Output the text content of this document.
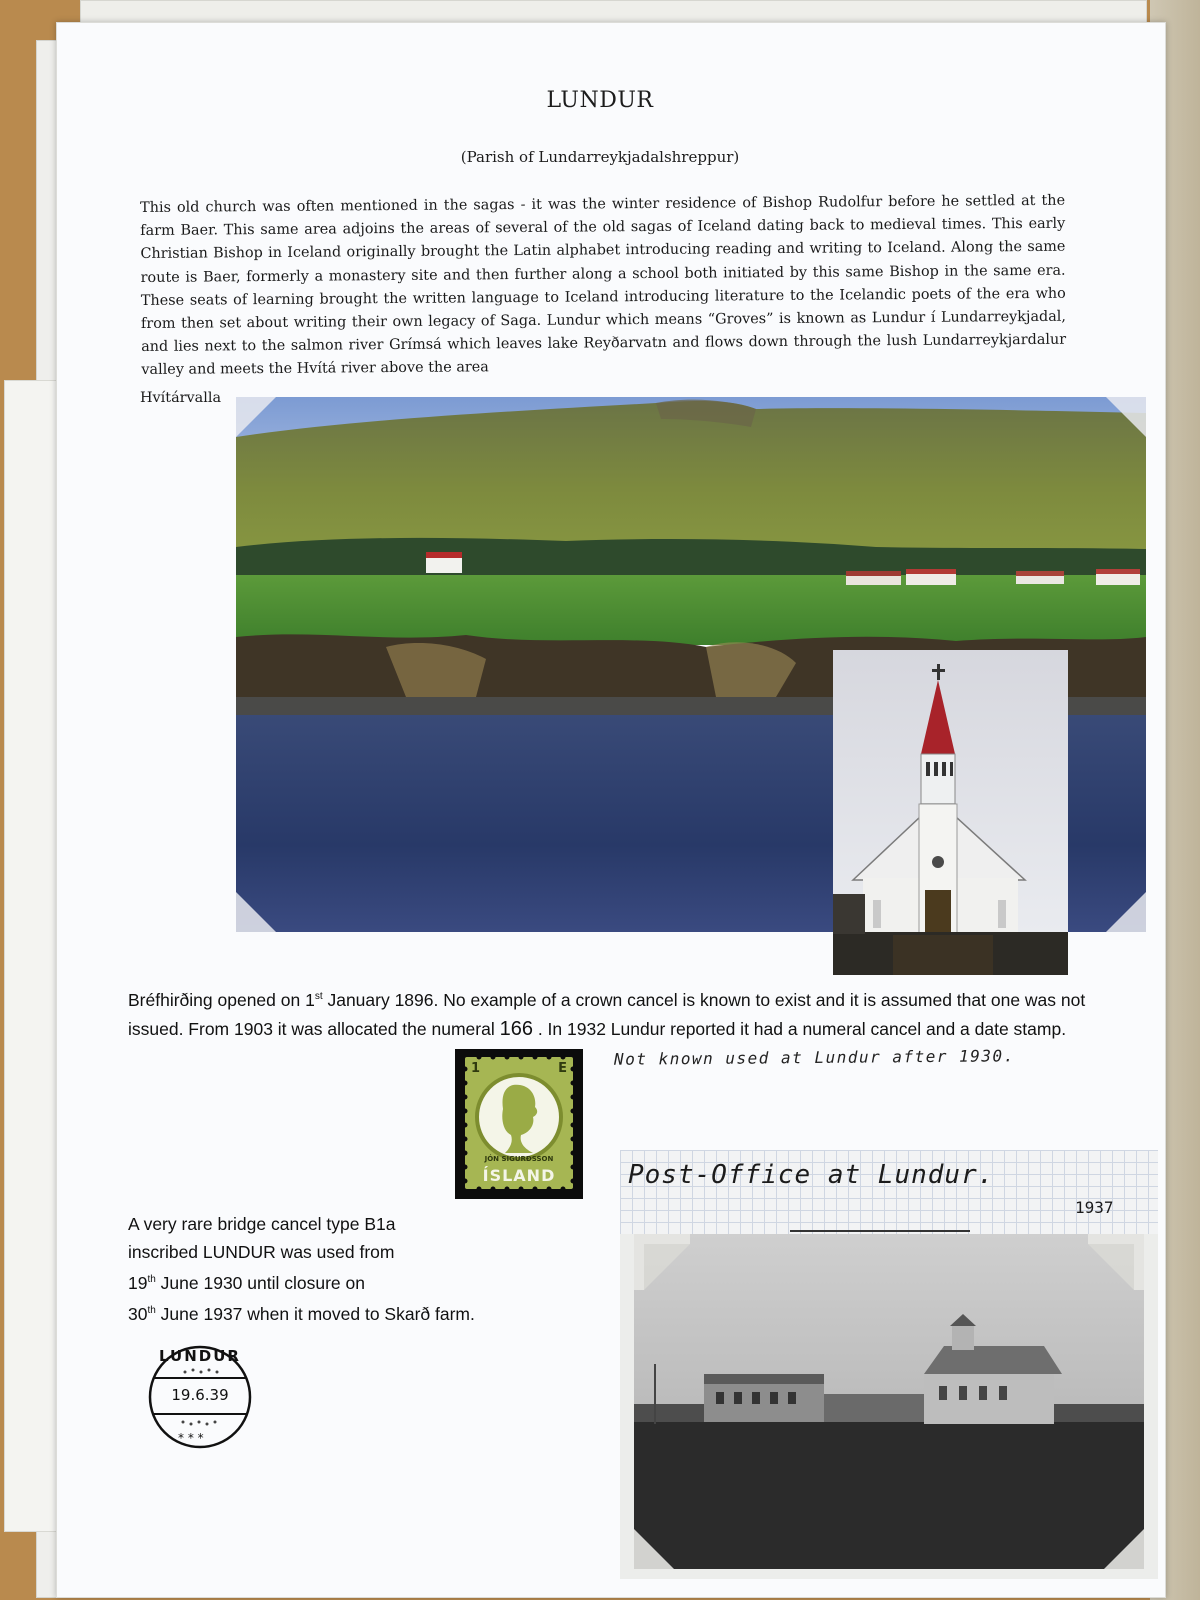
LUNDUR
(Parish of Lundarreykjadalshreppur)
This old church was often mentioned in the sagas - it was the winter residence of Bishop Rudolfur before he settled at the farm Baer. This same area adjoins the areas of several of the old sagas of Iceland dating back to medieval times. This early Christian Bishop in Iceland originally brought the Latin alphabet introducing reading and writing to Iceland. Along the same route is Baer, formerly a monastery site and then further along a school both initiated by this same Bishop in the same era. These seats of learning brought the written language to Iceland introducing literature to the Icelandic poets of the era who from then set about writing their own legacy of Saga. Lundur which means “Groves” is known as Lundur í Lundarreykjadal, and lies next to the salmon river Grímsá which leaves lake Reyðarvatn and flows down through the lush Lundarreykjardalur valley and meets the Hvítá river above the area
Hvítárvalla
Bréfhirðing opened on 1st January 1896. No example of a crown cancel is known to exist and it is assumed that one was not issued. From 1903 it was allocated the numeral 166 . In 1932 Lundur reported it had a numeral cancel and a date stamp.
Not known used at Lundur after 1930.
1	E
JÓN SIGURÐSSON
ÍSLAND
A very rare bridge cancel type B1a
inscribed LUNDUR was used from
19th June 1930 until closure on
30th June 1937 when it moved to Skarð farm.
* * *
LUNDUR
19.6.39
Post-Office at Lundur.
1937
